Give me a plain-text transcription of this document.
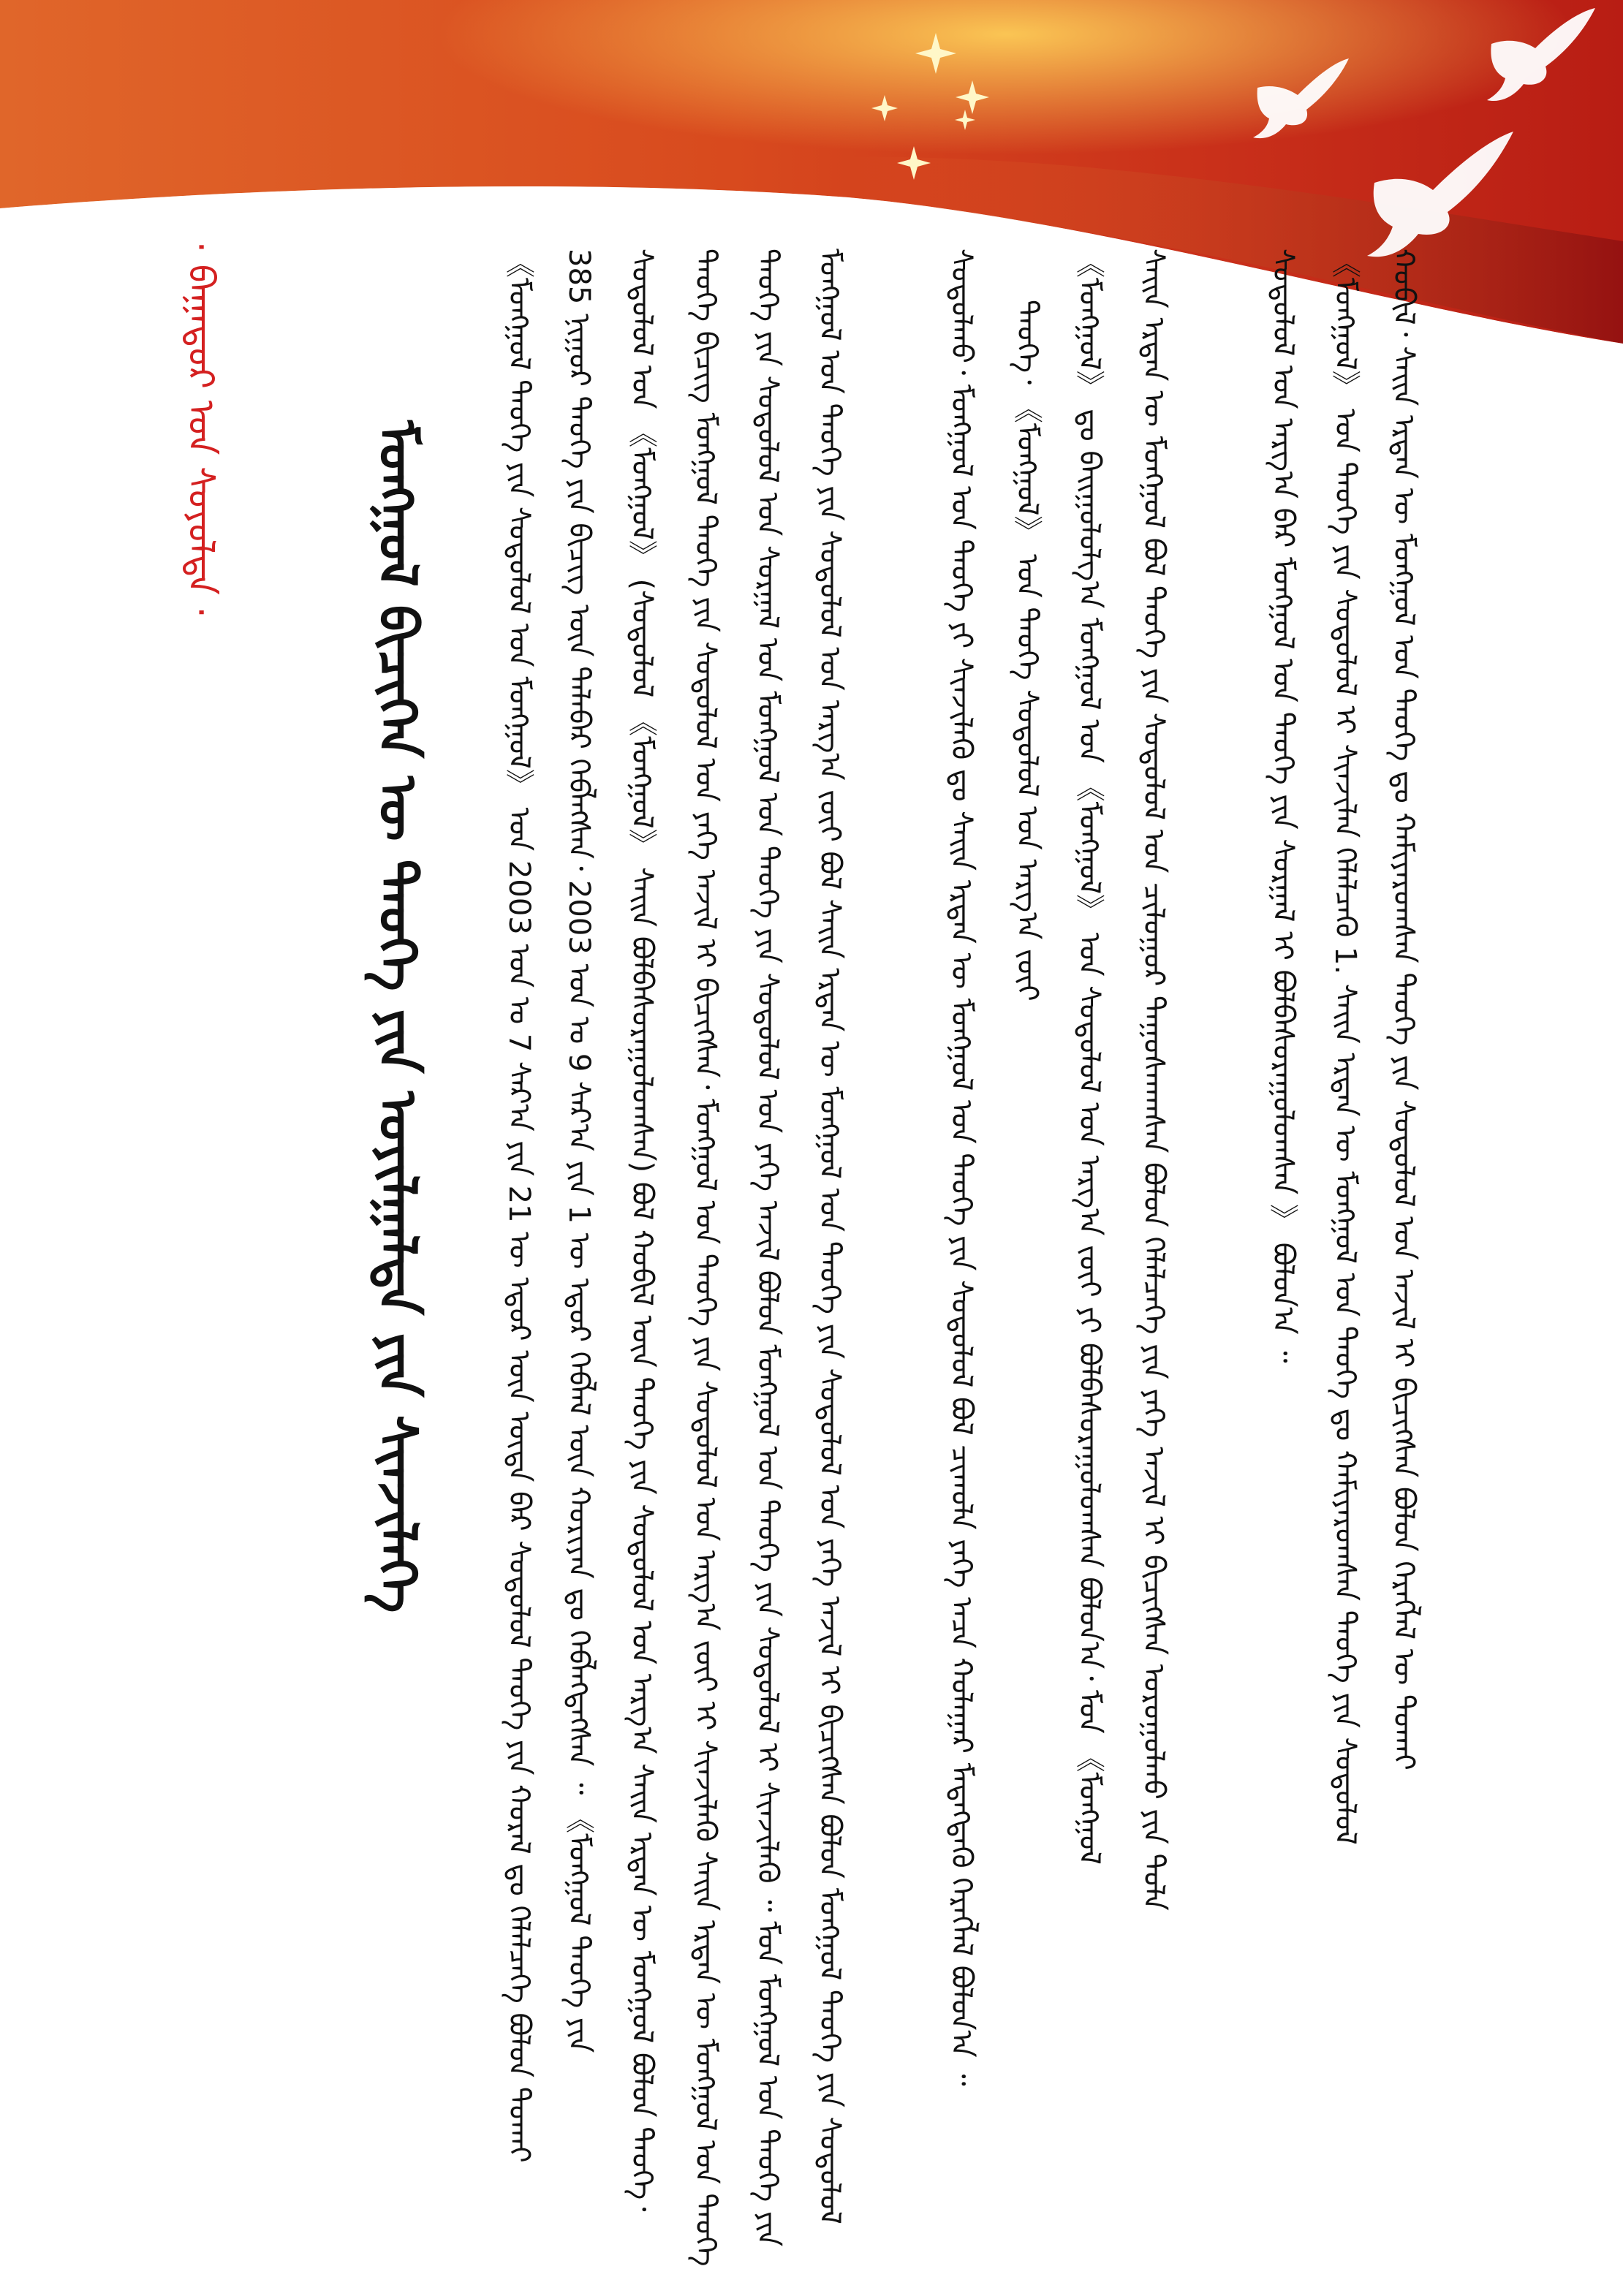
ᠮᠣᠩᠭᠣᠯ ᠪᠢᠴᠢᠭᠡᠨ ᠦ ᠲᠡᠦᠬᠡ ᠶᠢᠨ ᠣᠶᠢᠯᠭᠠᠯᠲᠠ ᠶᠢᠨ ᠰᠢᠨᠵᠢᠯᠡᠭᠡ
· ᠪᠠᠭᠠᠲᠤᠷ ᠤᠨ ᠰᠤᠶᠤᠯᠲᠠ ·	ᠬᠤᠪᠢᠯ᠂ ᠰᠠᠢᠨ ᠡᠷᠲᠡᠨ ᠦ ᠮᠣᠩᠭᠣᠯ ᠤᠨ ᠲᠡᠦᠬᠡ ᠳᠤ ᠬᠠᠮᠢᠶᠠᠷᠤᠭᠰᠠᠨ ᠲᠡᠦᠬᠡ ᠶᠢᠨ ᠰᠤᠳᠤᠯᠤᠯ ᠤᠨ ᠠᠵᠢᠯ ᠢ ᠪᠢᠴᠢᠭᠰᠡᠨ ᠪᠣᠯᠤᠨ ᠬᠡᠷᠡᠭᠯᠡᠯ ᠦ ᠲᠤᠬᠠᠢ
《ᠮᠣᠩᠭᠣᠯ》 ᠤᠨ ᠲᠡᠦᠬᠡ ᠶᠢᠨ ᠰᠤᠳᠤᠯᠤᠯ ᠢ ᠰᠢᠨᠵᠢᠯᠡᠨ ᠬᠡᠯᠡᠯᠴᠡᠬᠦ 1. ᠰᠠᠢᠨ ᠡᠷᠲᠡᠨ ᠦ ᠮᠣᠩᠭᠣᠯ ᠤᠨ ᠲᠡᠦᠬᠡ ᠳᠤ ᠬᠠᠮᠢᠶᠠᠷᠤᠭᠰᠠᠨ ᠲᠡᠦᠬᠡ ᠶᠢᠨ ᠰᠤᠳᠤᠯᠤᠯ
ᠰᠤᠳᠤᠯᠤᠯ ᠤᠨ ᠠᠷᠭ᠎ᠠ ᠪᠠᠷ ᠮᠣᠩᠭᠣᠯ ᠤᠨ ᠲᠡᠦᠬᠡ ᠶᠢᠨ ᠰᠤᠷᠭᠠᠯ ᠢ ᠪᠣᠯᠪᠠᠰᠤᠷᠠᠭᠤᠯᠤᠭᠰᠠᠨ 》 ᠪᠣᠯᠤᠨ᠎ᠠ ᠃
ᠰᠠᠢᠨ ᠡᠷᠲᠡᠨ ᠦ ᠮᠣᠩᠭᠣᠯ ᠪᠣᠯ ᠲᠡᠦᠬᠡ ᠶᠢᠨ ᠰᠤᠳᠤᠯᠤᠯ ᠤᠨ ᠴᠢᠯᠤᠭᠤᠷ ᠳᠠᠭᠤᠰᠬᠠᠭᠰᠠᠨ ᠪᠣᠯᠤᠨ ᠬᠡᠯᠡᠯᠴᠡᠭᠡ ᠶᠢᠨ ᠶᠡᠬᠡ ᠠᠵᠢᠯ ᠢ ᠪᠢᠴᠢᠭᠰᠡᠨ ᠤᠷᠤᠭᠤᠯᠬᠤ ᠶᠢᠨ ᠲᠤᠯᠠ
《ᠮᠣᠩᠭᠣᠯ》 ᠳᠤ ᠪᠠᠢᠭᠤᠯᠤᠯᠭ᠎ᠠ ᠮᠣᠩᠭᠣᠯ ᠤᠨ 《ᠮᠣᠩᠭᠣᠯ》 ᠤᠨ ᠰᠤᠳᠤᠯᠤᠯ ᠤᠨ ᠠᠷᠭ᠎ᠠ ᠵᠦᠢ ᠶᠢ ᠪᠣᠯᠪᠠᠰᠤᠷᠠᠭᠤᠯᠤᠭᠰᠠᠨ ᠪᠣᠯᠤᠨ᠎ᠠ᠂ ᠮᠣᠨ 《ᠮᠣᠩᠭᠣᠯ
ᠲᠡᠦᠬᠡ᠂ 《ᠮᠣᠩᠭᠣᠯ》 ᠤᠨ ᠲᠡᠦᠬᠡ ᠰᠤᠳᠤᠯᠤᠯ ᠤᠨ ᠠᠷᠭ᠎ᠠ ᠵᠦᠢ
ᠰᠤᠳᠤᠯᠬᠤ᠂ ᠮᠣᠩᠭᠣᠯ ᠤᠨ ᠲᠡᠦᠬᠡ ᠶᠢ ᠰᠢᠨᠵᠢᠯᠡᠬᠦ ᠳᠤ ᠰᠠᠢᠨ ᠡᠷᠲᠡᠨ ᠦ ᠮᠣᠩᠭᠣᠯ ᠤᠨ ᠲᠡᠦᠬᠡ ᠶᠢᠨ ᠰᠤᠳᠤᠯᠤᠯ ᠪᠣᠯ ᠴᠢᠬᠤᠯᠠ ᠶᠡᠬᠡ ᠠᠴᠠ ᠬᠤᠯᠠᠭᠠᠷ ᠮᠡᠳᠡᠭᠳᠡᠬᠦ ᠬᠡᠷᠡᠭᠯᠡᠯ ᠪᠣᠯᠤᠨ᠎ᠠ ᠃
ᠮᠣᠩᠭᠣᠯ ᠤᠨ ᠲᠡᠦᠬᠡ ᠶᠢᠨ ᠰᠤᠳᠤᠯᠤᠯ ᠤᠨ ᠠᠷᠭ᠎ᠠ ᠵᠦᠢ ᠪᠣᠯ ᠰᠠᠢᠨ ᠡᠷᠲᠡᠨ ᠦ ᠮᠣᠩᠭᠣᠯ ᠤᠨ ᠲᠡᠦᠬᠡ ᠶᠢᠨ ᠰᠤᠳᠤᠯᠤᠯ ᠤᠨ ᠶᠡᠬᠡ ᠠᠵᠢᠯ ᠢ ᠪᠢᠴᠢᠭᠰᠡᠨ ᠪᠣᠯᠤᠨ ᠮᠣᠩᠭᠣᠯ ᠲᠡᠦᠬᠡ ᠶᠢᠨ ᠰᠤᠳᠤᠯᠤᠯ
ᠲᠡᠦᠬᠡ ᠶᠢᠨ ᠰᠤᠳᠤᠯᠤᠯ ᠤᠨ ᠰᠤᠷᠭᠠᠯ ᠤᠨ ᠮᠣᠩᠭᠣᠯ ᠤᠨ ᠲᠡᠦᠬᠡ ᠶᠢᠨ ᠰᠤᠳᠤᠯᠤᠯ ᠤᠨ ᠶᠡᠬᠡ ᠠᠵᠢᠯ ᠪᠣᠯᠤᠨ ᠮᠣᠩᠭᠣᠯ ᠤᠨ ᠲᠡᠦᠬᠡ ᠶᠢᠨ ᠰᠤᠳᠤᠯᠤᠯ ᠢ ᠰᠢᠨᠵᠢᠯᠡᠬᠦ ᠃ ᠮᠣᠨ ᠮᠣᠩᠭᠣᠯ ᠤᠨ ᠲᠡᠦᠬᠡ ᠶᠢᠨ
ᠲᠡᠦᠬᠡ ᠪᠢᠴᠢᠭ ᠮᠣᠩᠭᠣᠯ ᠲᠡᠦᠬᠡ ᠶᠢᠨ ᠰᠤᠳᠤᠯᠤᠯ ᠤᠨ ᠶᠡᠬᠡ ᠠᠵᠢᠯ ᠢ ᠪᠢᠴᠢᠭᠰᠡᠨ᠂ ᠮᠣᠩᠭᠣᠯ ᠤᠨ ᠲᠡᠦᠬᠡ ᠶᠢᠨ ᠰᠤᠳᠤᠯᠤᠯ ᠤᠨ ᠠᠷᠭ᠎ᠠ ᠵᠦᠢ ᠢ ᠰᠢᠨᠵᠢᠯᠡᠬᠦ ᠰᠠᠢᠨ ᠡᠷᠲᠡᠨ ᠦ ᠮᠣᠩᠭᠣᠯ ᠤᠨ ᠲᠡᠦᠬᠡ
ᠰᠤᠳᠤᠯᠤᠯ ᠤᠨ 《ᠮᠣᠩᠭᠣᠯ》 (ᠰᠤᠳᠤᠯᠤᠯ 《ᠮᠣᠩᠭᠣᠯ》 ᠰᠠᠢᠨ ᠪᠣᠯᠪᠠᠰᠤᠷᠠᠭᠤᠯᠤᠭᠰᠠᠨ) ᠪᠣᠯ ᠬᠤᠪᠢᠯ ᠦᠨ ᠲᠡᠦᠬᠡ ᠶᠢᠨ ᠰᠤᠳᠤᠯᠤᠯ ᠤᠨ ᠠᠷᠭ᠎ᠠ ᠰᠠᠢᠨ ᠡᠷᠲᠡᠨ ᠦ ᠮᠣᠩᠭᠣᠯ ᠪᠣᠯᠤᠨ ᠲᠡᠦᠬᠡ᠂
385 ᠨᠢᠭᠤᠷ ᠲᠡᠦᠬᠡ ᠶᠢᠨ ᠪᠢᠴᠢᠭ ᠦᠨ ᠲᠠᠯᠠᠪᠠᠷ ᠬᠡᠪᠯᠡᠭᠰᠡᠨ᠂ 2003 ᠣᠨ ᠤ 9 ᠰᠠᠷ᠎ᠠ ᠶᠢᠨ 1 ᠦ ᠡᠳᠦᠷ ᠬᠡᠪᠯᠡᠯ ᠦᠨ ᠬᠣᠷᠢᠶᠠᠨ ᠳᠤ ᠬᠡᠪᠯᠡᠭᠳᠡᠭᠰᠡᠨ ᠃ 《ᠮᠣᠩᠭᠣᠯ ᠲᠡᠦᠬᠡ ᠶᠢᠨ
《ᠮᠣᠩᠭᠣᠯ ᠲᠡᠦᠬᠡ ᠶᠢᠨ ᠰᠤᠳᠤᠯᠤᠯ ᠤᠨ ᠮᠣᠩᠭᠣᠯ》 ᠤᠨ 2003 ᠣᠨ ᠤ 7 ᠰᠠᠷ᠎ᠠ ᠶᠢᠨ 21 ᠦ ᠡᠳᠦᠷ ᠦᠨ ᠦᠳᠡ ᠪᠡᠷ ᠰᠤᠳᠤᠯᠤᠯ ᠲᠡᠦᠬᠡ ᠶᠢᠨ ᠬᠤᠷᠠᠯ ᠳᠤ ᠬᠡᠯᠡᠯᠴᠡᠭᠡ ᠪᠣᠯᠤᠨ ᠲᠤᠬᠠᠢ
